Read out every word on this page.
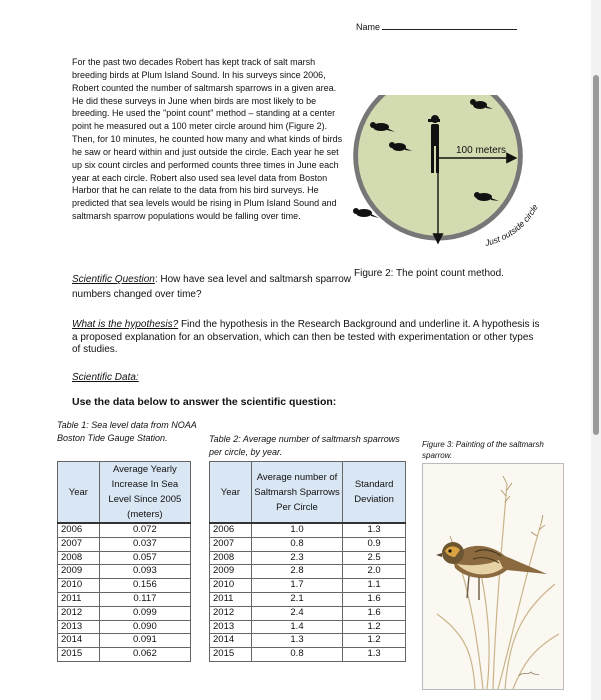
Name
For the past two decades Robert has kept track of salt marsh breeding birds at Plum Island Sound. In his surveys since 2006, Robert counted the number of saltmarsh sparrows in a given area. He did these surveys in June when birds are most likely to be breeding. He used the "point count" method – standing at a center point he measured out a 100 meter circle around him (Figure 2). Then, for 10 minutes, he counted how many and what kinds of birds he saw or heard within and just outside the circle. Each year he set up six count circles and performed counts three times in June each year at each circle. Robert also used sea level data from Boston Harbor that he can relate to the data from his bird surveys. He predicted that sea levels would be rising in Plum Island Sound and saltmarsh sparrow populations would be falling over time.
100 meters
Just outside circle
Figure 2: The point count method.
Scientific Question: How have sea level and saltmarsh sparrow numbers changed over time?
What is the hypothesis? Find the hypothesis in the Research Background and underline it. A hypothesis is a proposed explanation for an observation, which can then be tested with experimentation or other types of studies.
Scientific Data:
Use the data below to answer the scientific question:
Table 1: Sea level data from NOAA Boston Tide Gauge Station.	Table 2: Average number of saltmarsh sparrows per circle, by year.
Figure 3: Painting of the saltmarsh sparrow.
Year	Average Yearly Increase In Sea Level Since 2005 (meters)
2006	0.072
2007	0.037
2008	0.057
2009	0.093
2010	0.156
2011	0.117
2012	0.099
2013	0.090
2014	0.091
2015	0.062
Year	Average number of Saltmarsh Sparrows Per Circle	Standard Deviation
2006	1.0	1.3
2007	0.8	0.9
2008	2.3	2.5
2009	2.8	2.0
2010	1.7	1.1
2011	2.1	1.6
2012	2.4	1.6
2013	1.4	1.2
2014	1.3	1.2
2015	0.8	1.3
